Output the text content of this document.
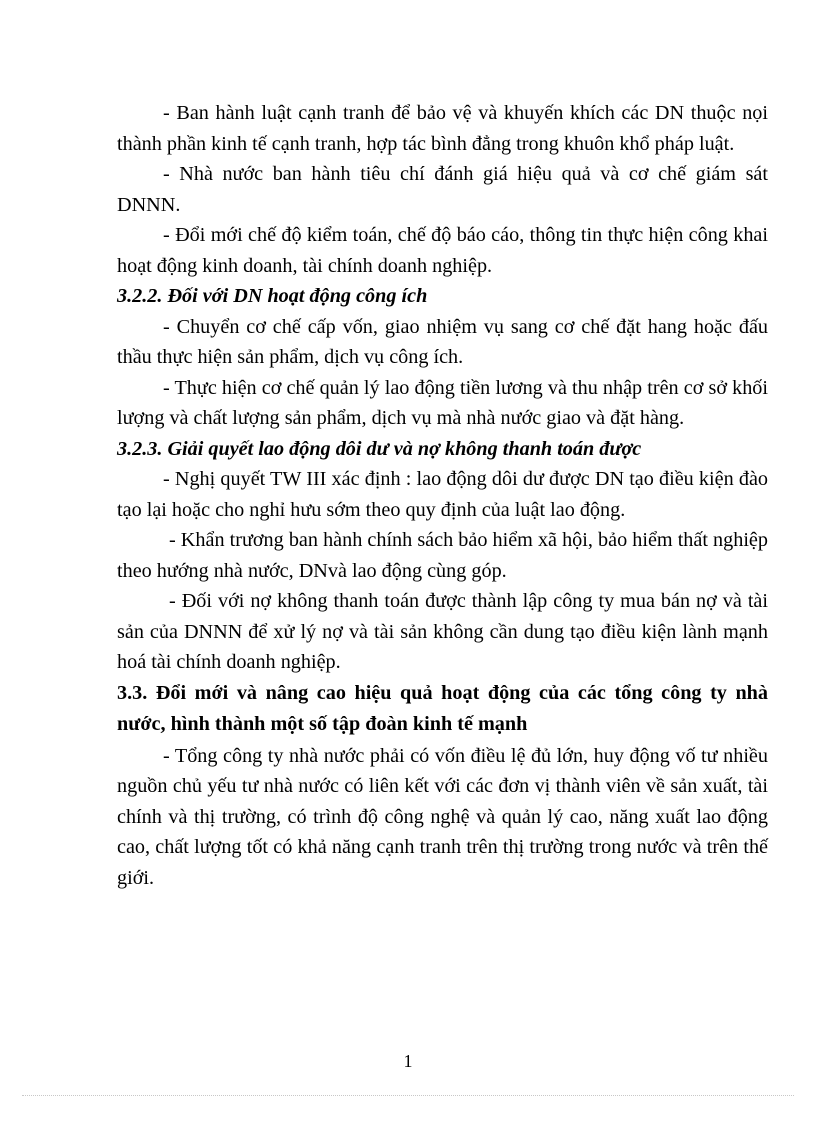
- Ban hành luật cạnh tranh để bảo vệ và khuyến khích các DN thuộc nọi thành phần kinh tế cạnh tranh, hợp tác bình đẳng trong khuôn khổ pháp luật.

- Nhà nước ban hành tiêu chí đánh giá hiệu quả và cơ chế giám sát DNNN.

- Đổi mới chế độ kiểm toán, chế độ báo cáo, thông tin thực hiện công khai hoạt động kinh doanh, tài chính doanh nghiệp.

3.2.2. Đối với DN hoạt động công ích

- Chuyển cơ chế cấp vốn, giao nhiệm vụ sang cơ chế đặt hang hoặc đấu thầu thực hiện sản phẩm, dịch vụ công ích.

- Thực hiện cơ chế quản lý lao động tiền lương và thu nhập trên cơ sở khối lượng và chất lượng sản phẩm, dịch vụ mà nhà nước giao và đặt hàng.

3.2.3. Giải quyết lao động dôi dư và nợ không thanh toán được

- Nghị quyết TW III xác định : lao động dôi dư được DN tạo điều kiện đào tạo lại hoặc cho nghỉ hưu sớm theo quy định của luật lao động.

- Khẩn trương ban hành chính sách bảo hiểm xã hội, bảo hiểm thất nghiệp theo hướng nhà nước, DNvà lao động cùng góp.

- Đối với nợ không thanh toán được thành lập công ty mua bán nợ và tài sản của DNNN để xử lý nợ và tài sản không cần dung tạo điều kiện lành mạnh hoá tài chính doanh nghiệp.

3.3. Đổi mới và nâng cao hiệu quả hoạt động của các tổng công ty nhà nước, hình thành một số tập đoàn kinh tế mạnh

- Tổng công ty nhà nước phải có vốn điều lệ đủ lớn, huy động vố tư nhiều nguồn chủ yếu tư nhà nước có liên kết với các đơn vị thành viên về sản xuất, tài chính và thị trường, có trình độ công nghệ và quản lý cao, năng xuất lao động cao, chất lượng tốt có khả năng cạnh tranh trên thị trường trong nước và trên thế giới.

1
